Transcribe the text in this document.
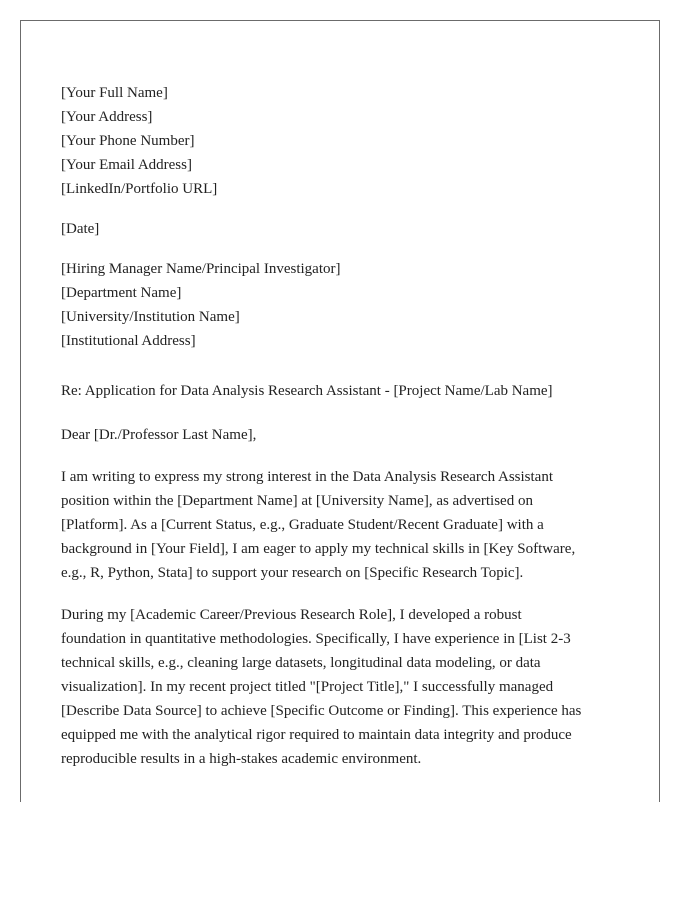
[Your Full Name]
[Your Address]
[Your Phone Number]
[Your Email Address]
[LinkedIn/Portfolio URL]
[Date]
[Hiring Manager Name/Principal Investigator]
[Department Name]
[University/Institution Name]
[Institutional Address]
Re: Application for Data Analysis Research Assistant - [Project Name/Lab Name]
Dear [Dr./Professor Last Name],
I am writing to express my strong interest in the Data Analysis Research Assistant
position within the [Department Name] at [University Name], as advertised on
[Platform]. As a [Current Status, e.g., Graduate Student/Recent Graduate] with a
background in [Your Field], I am eager to apply my technical skills in [Key Software,
e.g., R, Python, Stata] to support your research on [Specific Research Topic].
During my [Academic Career/Previous Research Role], I developed a robust
foundation in quantitative methodologies. Specifically, I have experience in [List 2-3
technical skills, e.g., cleaning large datasets, longitudinal data modeling, or data
visualization]. In my recent project titled "[Project Title]," I successfully managed
[Describe Data Source] to achieve [Specific Outcome or Finding]. This experience has
equipped me with the analytical rigor required to maintain data integrity and produce
reproducible results in a high-stakes academic environment.
